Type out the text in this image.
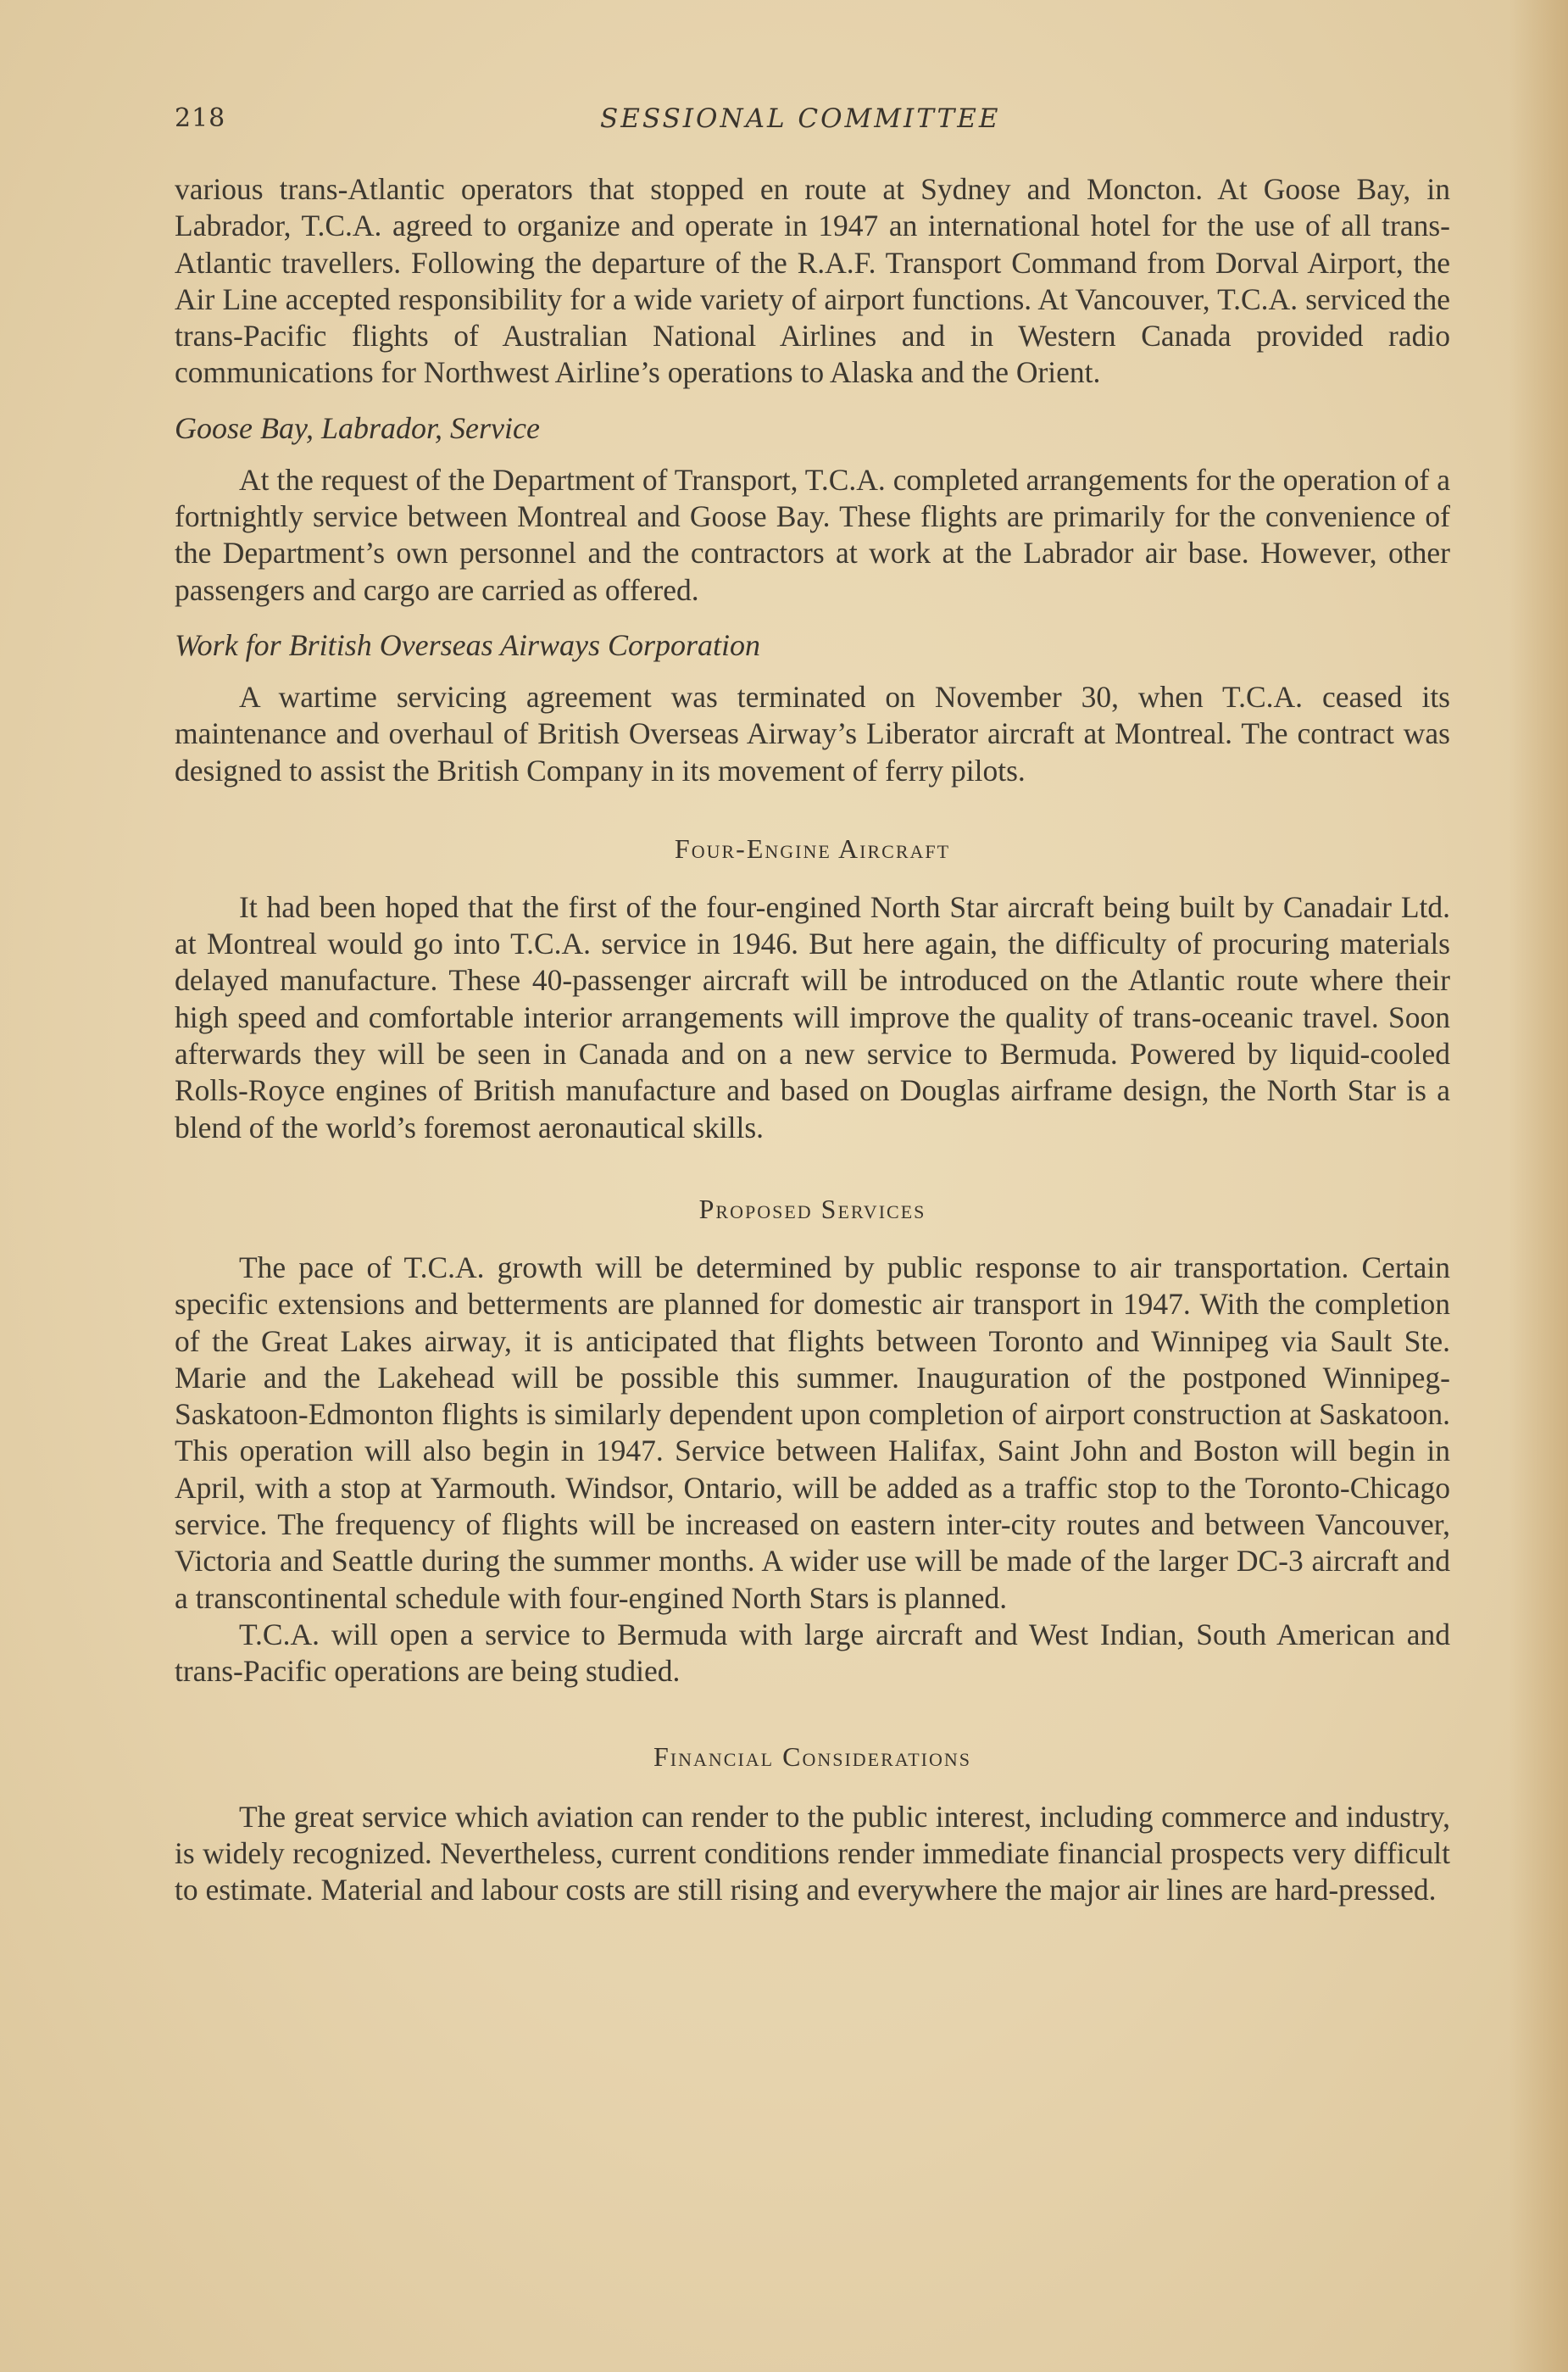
218	SESSIONAL COMMITTEE

various trans-Atlantic operators that stopped en route at Sydney and Moncton. At Goose Bay, in Labrador, T.C.A. agreed to organize and operate in 1947 an international hotel for the use of all trans-Atlantic travellers. Following the departure of the R.A.F. Transport Command from Dorval Airport, the Air Line accepted responsibility for a wide variety of airport functions. At Vancouver, T.C.A. serviced the trans-Pacific flights of Australian National Airlines and in Western Canada provided radio communications for Northwest Airline’s operations to Alaska and the Orient.

Goose Bay, Labrador, Service

At the request of the Department of Transport, T.C.A. completed arrangements for the operation of a fortnightly service between Montreal and Goose Bay. These flights are primarily for the convenience of the Department’s own personnel and the contractors at work at the Labrador air base. However, other passengers and cargo are carried as offered.

Work for British Overseas Airways Corporation

A wartime servicing agreement was terminated on November 30, when T.C.A. ceased its maintenance and overhaul of British Overseas Airway’s Liberator aircraft at Montreal. The contract was designed to assist the British Company in its movement of ferry pilots.

Four-Engine Aircraft

It had been hoped that the first of the four-engined North Star aircraft being built by Canadair Ltd. at Montreal would go into T.C.A. service in 1946. But here again, the difficulty of procuring materials delayed manufacture. These 40-passenger aircraft will be introduced on the Atlantic route where their high speed and comfortable interior arrangements will improve the quality of trans-oceanic travel. Soon afterwards they will be seen in Canada and on a new service to Bermuda. Powered by liquid-cooled Rolls-Royce engines of British manufacture and based on Douglas airframe design, the North Star is a blend of the world’s foremost aeronautical skills.

Proposed Services

The pace of T.C.A. growth will be determined by public response to air transportation. Certain specific extensions and betterments are planned for domestic air transport in 1947. With the completion of the Great Lakes airway, it is anticipated that flights between Toronto and Winnipeg via Sault Ste. Marie and the Lakehead will be possible this summer. Inauguration of the postponed Winnipeg-Saskatoon-Edmonton flights is similarly dependent upon completion of airport construction at Saskatoon. This operation will also begin in 1947. Service between Halifax, Saint John and Boston will begin in April, with a stop at Yarmouth. Windsor, Ontario, will be added as a traffic stop to the Toronto-Chicago service. The frequency of flights will be increased on eastern inter-city routes and between Vancouver, Victoria and Seattle during the summer months. A wider use will be made of the larger DC-3 aircraft and a transcontinental schedule with four-engined North Stars is planned.

T.C.A. will open a service to Bermuda with large aircraft and West Indian, South American and trans-Pacific operations are being studied.

Financial Considerations

The great service which aviation can render to the public interest, including commerce and industry, is widely recognized. Nevertheless, current conditions render immediate financial prospects very difficult to estimate. Material and labour costs are still rising and everywhere the major air lines are hard-pressed.
